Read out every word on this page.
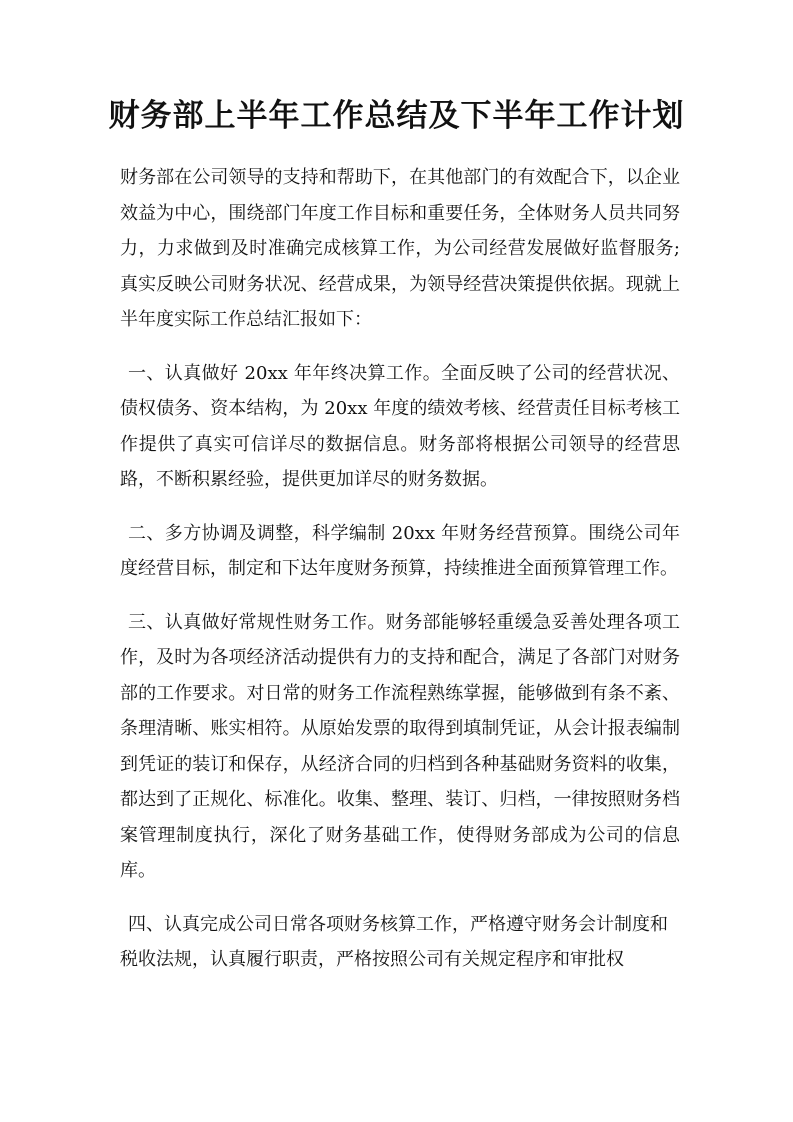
财务部上半年工作总结及下半年工作计划

财务部在公司领导的支持和帮助下，在其他部门的有效配合下，以企业效益为中心，围绕部门年度工作目标和重要任务，全体财务人员共同努力，力求做到及时准确完成核算工作，为公司经营发展做好监督服务;真实反映公司财务状况、经营成果，为领导经营决策提供依据。现就上半年度实际工作总结汇报如下：

一、认真做好 20xx 年年终决算工作。全面反映了公司的经营状况、债权债务、资本结构，为 20xx 年度的绩效考核、经营责任目标考核工作提供了真实可信详尽的数据信息。财务部将根据公司领导的经营思路，不断积累经验，提供更加详尽的财务数据。

二、多方协调及调整，科学编制 20xx 年财务经营预算。围绕公司年度经营目标，制定和下达年度财务预算，持续推进全面预算管理工作。

三、认真做好常规性财务工作。财务部能够轻重缓急妥善处理各项工作，及时为各项经济活动提供有力的支持和配合，满足了各部门对财务部的工作要求。对日常的财务工作流程熟练掌握，能够做到有条不紊、条理清晰、账实相符。从原始发票的取得到填制凭证，从会计报表编制到凭证的装订和保存，从经济合同的归档到各种基础财务资料的收集，都达到了正规化、标准化。收集、整理、装订、归档，一律按照财务档案管理制度执行，深化了财务基础工作，使得财务部成为公司的信息库。

四、认真完成公司日常各项财务核算工作，严格遵守财务会计制度和税收法规，认真履行职责，严格按照公司有关规定程序和审批权
